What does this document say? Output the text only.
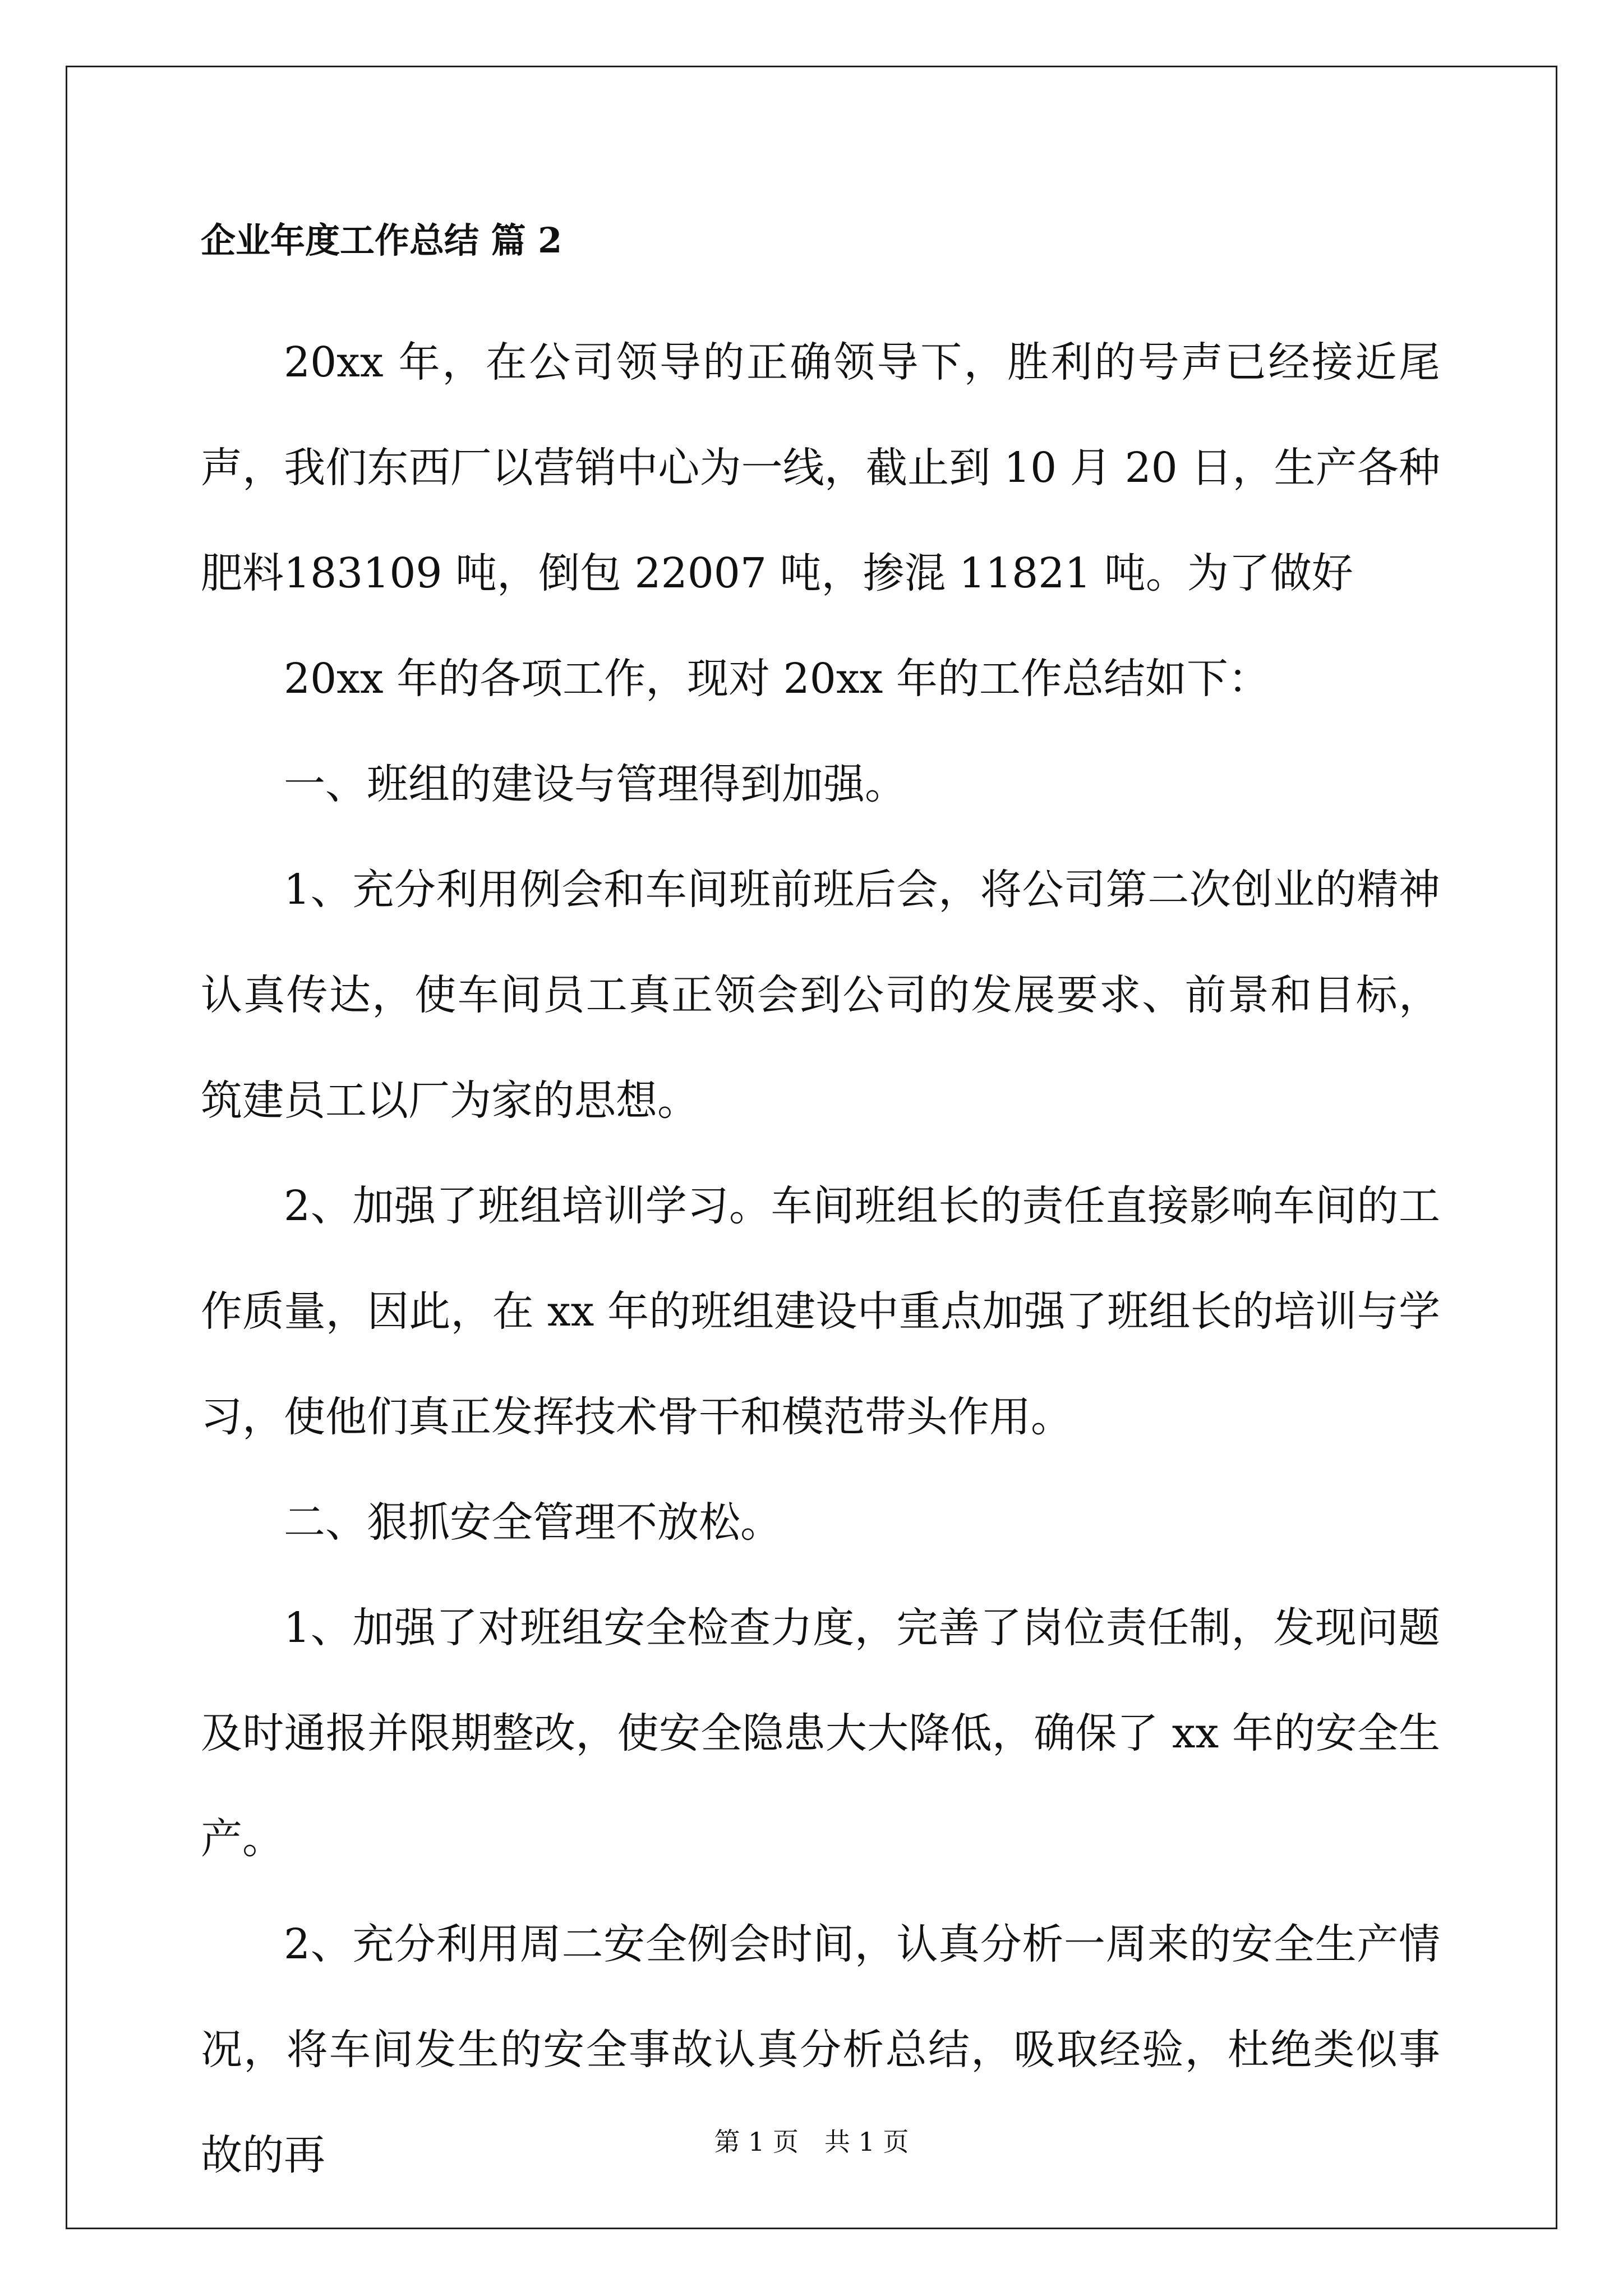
企业年度工作总结 篇 2

20xx 年，在公司领导的正确领导下，胜利的号声已经接近尾声，我们东西厂以营销中心为一线，截止到 10 月 20 日，生产各种肥料183109 吨，倒包 22007 吨，掺混 11821 吨。为了做好

20xx 年的各项工作，现对 20xx 年的工作总结如下：

一、班组的建设与管理得到加强。

1、充分利用例会和车间班前班后会，将公司第二次创业的精神认真传达，使车间员工真正领会到公司的发展要求、前景和目标，筑建员工以厂为家的思想。

2、加强了班组培训学习。车间班组长的责任直接影响车间的工作质量，因此，在 xx 年的班组建设中重点加强了班组长的培训与学习，使他们真正发挥技术骨干和模范带头作用。

二、狠抓安全管理不放松。

1、加强了对班组安全检查力度，完善了岗位责任制，发现问题及时通报并限期整改，使安全隐患大大降低，确保了 xx 年的安全生产。

2、充分利用周二安全例会时间，认真分析一周来的安全生产情况，将车间发生的安全事故认真分析总结，吸取经验，杜绝类似事故的再	第 1 页　共 1 页
